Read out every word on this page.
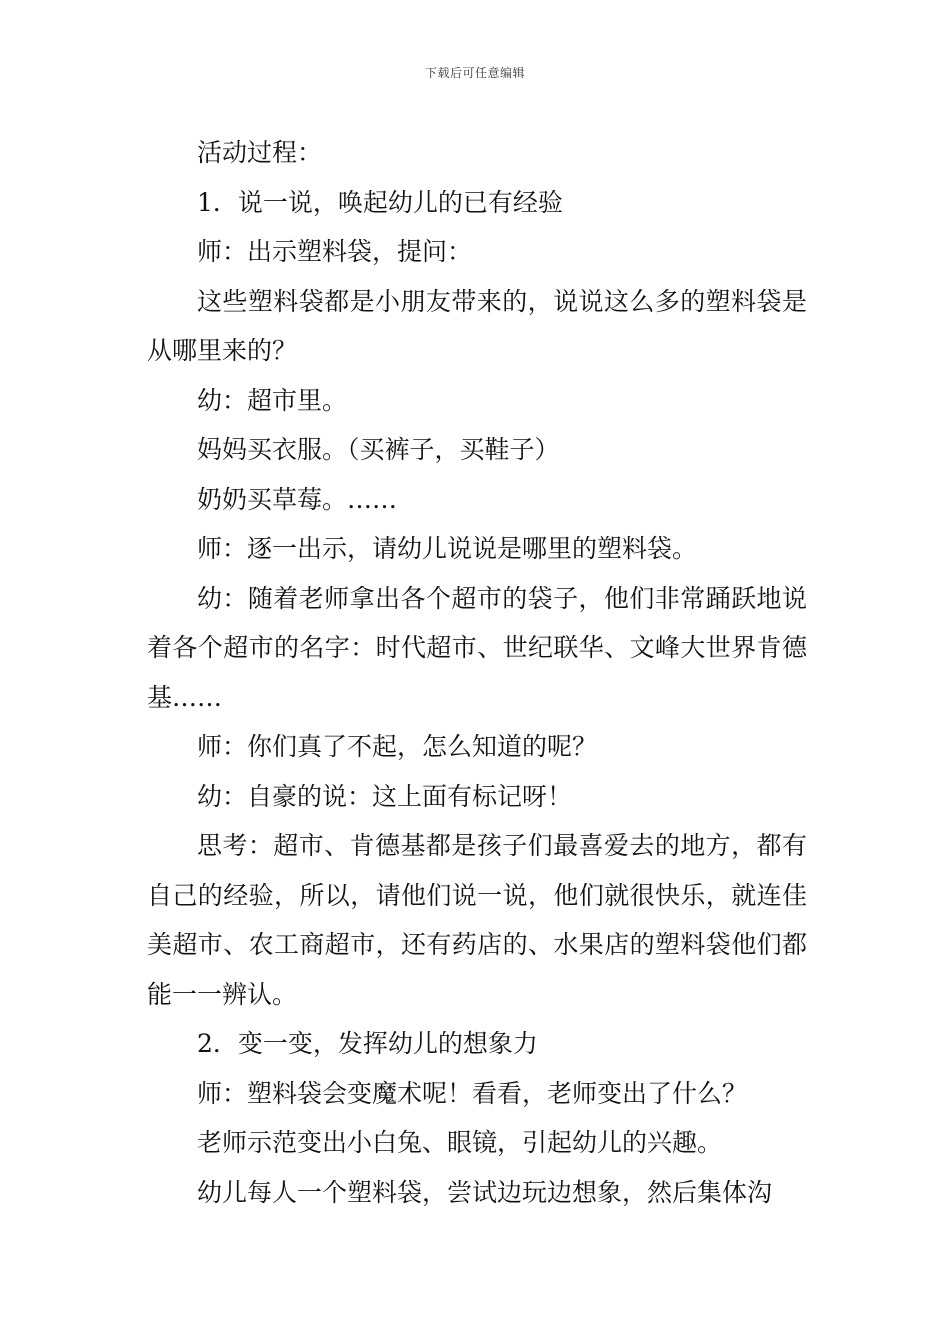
下载后可任意编辑

活动过程：

1．说一说，唤起幼儿的已有经验

师：出示塑料袋，提问：

这些塑料袋都是小朋友带来的，说说这么多的塑料袋是从哪里来的？

幼：超市里。

妈妈买衣服。（买裤子，买鞋子）

奶奶买草莓。……

师：逐一出示，请幼儿说说是哪里的塑料袋。

幼：随着老师拿出各个超市的袋子，他们非常踊跃地说着各个超市的名字：时代超市、世纪联华、文峰大世界肯德基……

师：你们真了不起，怎么知道的呢？

幼：自豪的说：这上面有标记呀！

思考：超市、肯德基都是孩子们最喜爱去的地方，都有自己的经验，所以，请他们说一说，他们就很快乐，就连佳美超市、农工商超市，还有药店的、水果店的塑料袋他们都能一一辨认。

2．变一变，发挥幼儿的想象力

师：塑料袋会变魔术呢！看看，老师变出了什么？

老师示范变出小白兔、眼镜，引起幼儿的兴趣。

幼儿每人一个塑料袋，尝试边玩边想象，然后集体沟
